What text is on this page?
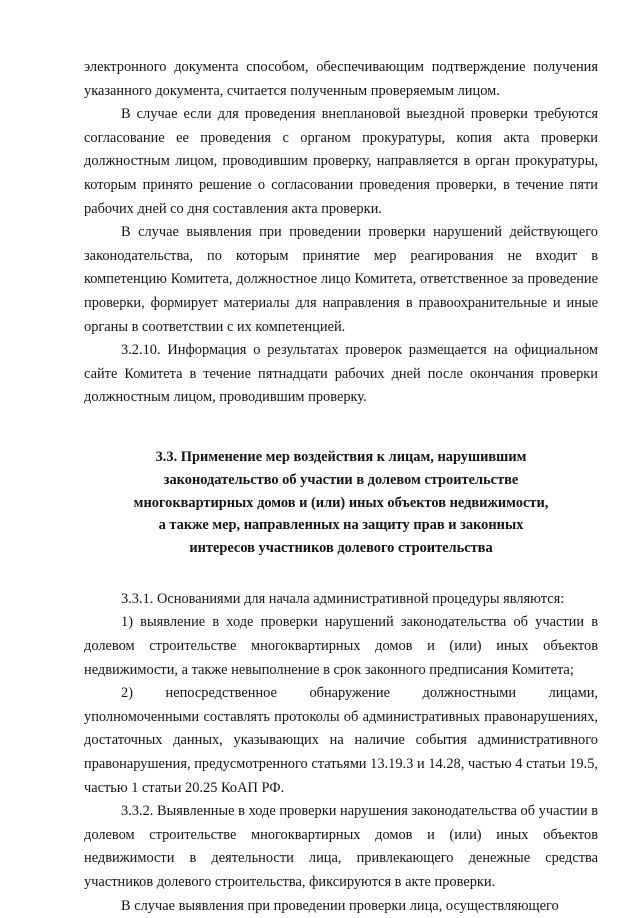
электронного документа способом, обеспечивающим подтверждение получения указанного документа, считается полученным проверяемым лицом.

В случае если для проведения внеплановой выездной проверки требуются согласование ее проведения с органом прокуратуры, копия акта проверки должностным лицом, проводившим проверку, направляется в орган прокуратуры, которым принято решение о согласовании проведения проверки, в течение пяти рабочих дней со дня составления акта проверки.

В случае выявления при проведении проверки нарушений действующего законодательства, по которым принятие мер реагирования не входит в компетенцию Комитета, должностное лицо Комитета, ответственное за проведение проверки, формирует материалы для направления в правоохранительные и иные органы в соответствии с их компетенцией.

3.2.10. Информация о результатах проверок размещается на официальном сайте Комитета в течение пятнадцати рабочих дней после окончания проверки должностным лицом, проводившим проверку.

3.3. Применение мер воздействия к лицам, нарушившим
законодательство об участии в долевом строительстве
многоквартирных домов и (или) иных объектов недвижимости,
а также мер, направленных на защиту прав и законных
интересов участников долевого строительства

3.3.1. Основаниями для начала административной процедуры являются:

1) выявление в ходе проверки нарушений законодательства об участии в долевом строительстве многоквартирных домов и (или) иных объектов недвижимости, а также невыполнение в срок законного предписания Комитета;

2) непосредственное обнаружение должностными лицами, уполномоченными составлять протоколы об административных правонарушениях, достаточных данных, указывающих на наличие события административного правонарушения, предусмотренного статьями 13.19.3 и 14.28, частью 4 статьи 19.5, частью 1 статьи 20.25 КоАП РФ.

3.3.2. Выявленные в ходе проверки нарушения законодательства об участии в долевом строительстве многоквартирных домов и (или) иных объектов недвижимости в деятельности лица, привлекающего денежные средства участников долевого строительства, фиксируются в акте проверки.

В случае выявления при проведении проверки лица, осуществляющего
